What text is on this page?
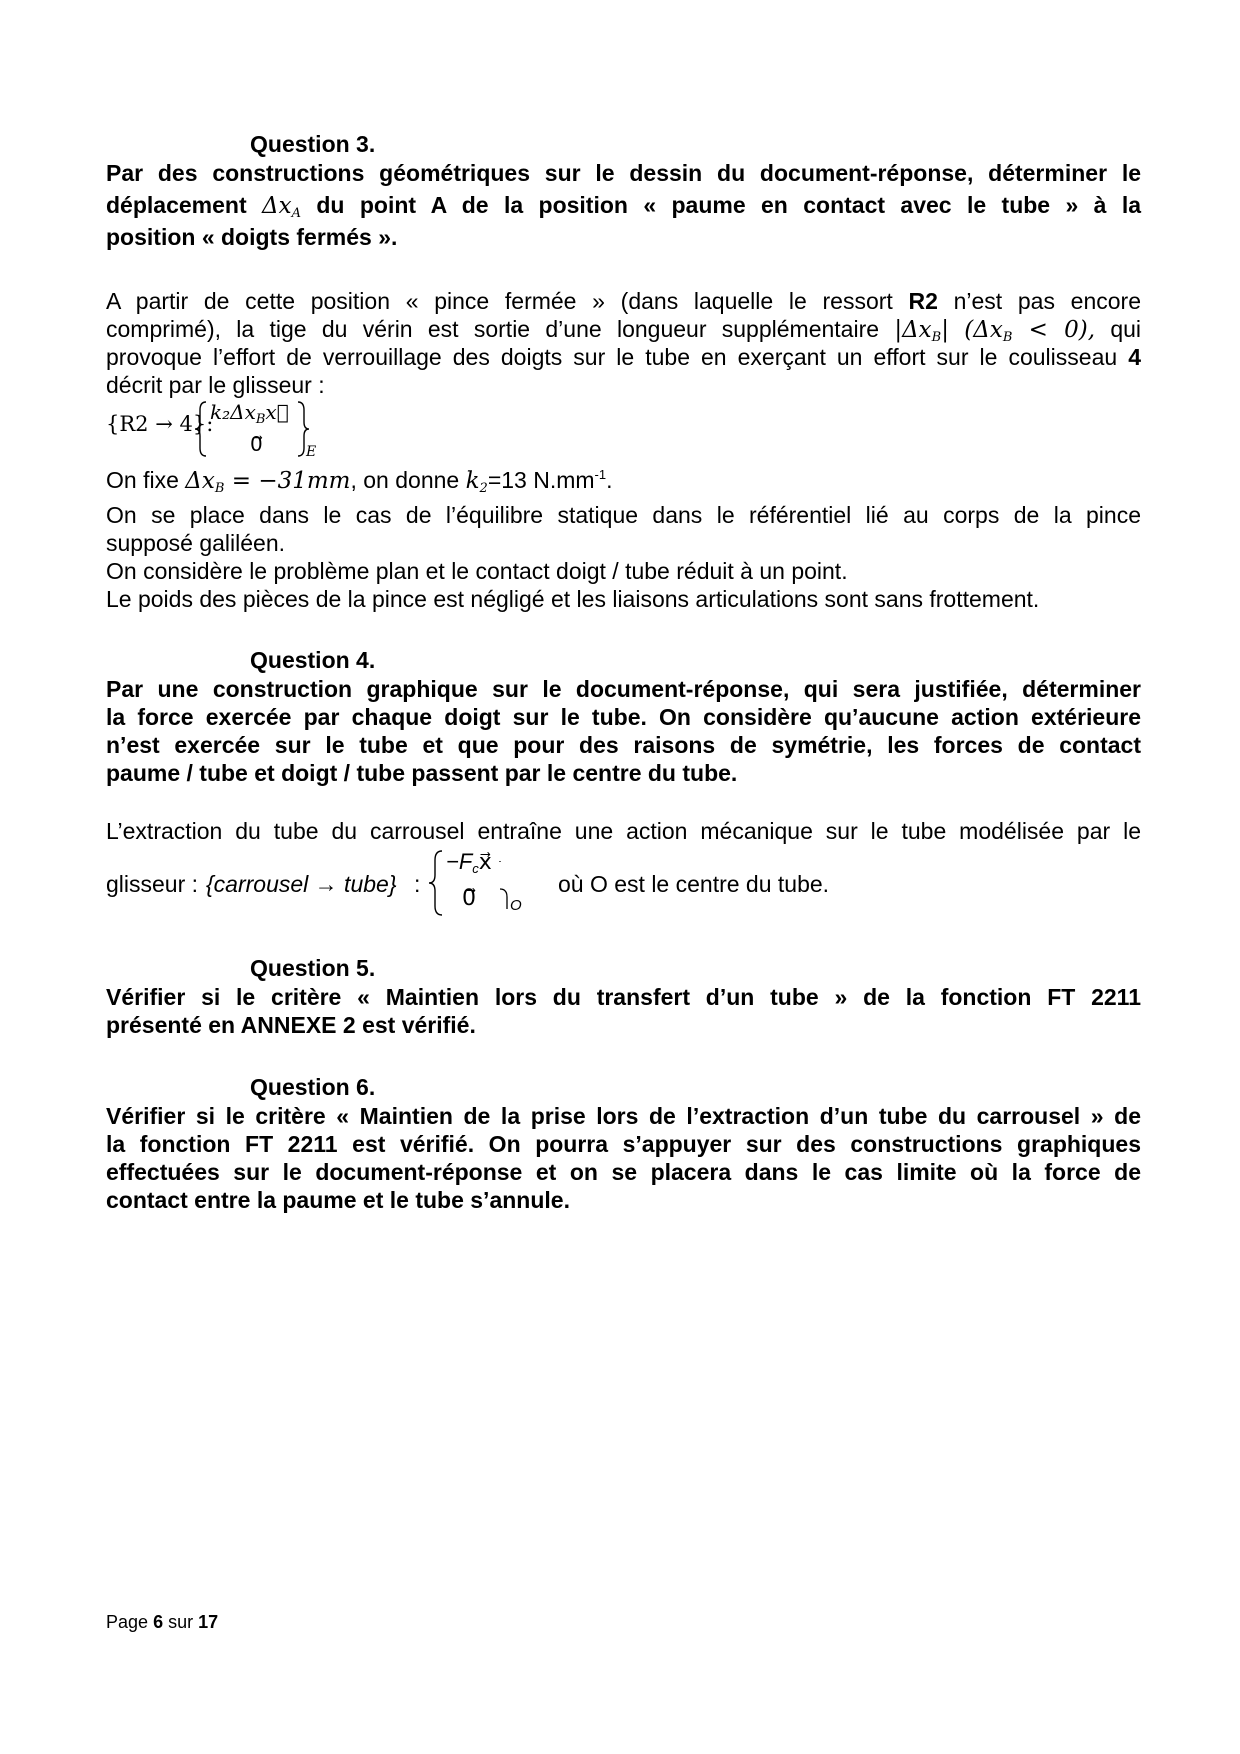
Question 3.
Par des constructions géométriques sur le dessin du document-réponse, déterminer le
déplacement $\Delta x_A$ du point A de la position « paume en contact avec le tube » à la
position « doigts fermés ».
A partir de cette position « pince fermée » (dans laquelle le ressort R2 n’est pas encore
comprimé), la tige du vérin est sortie d’une longueur supplémentaire $|\Delta x_B|$ $(\Delta x_B < 0)$, qui
provoque l’effort de verrouillage des doigts sur le tube en exerçant un effort sur le coulisseau 4
décrit par le glisseur :
{R2 → 4}:
$k_2\Delta x_Bx⃗$
0⃗	E
On fixe $\Delta x_B = -31mm$, on donne $k_2=13$ $N.mm^{-1}$.
On se place dans le cas de l’équilibre statique dans le référentiel lié au corps de la pince
supposé galiléen.
On considère le problème plan et le contact doigt / tube réduit à un point.
Le poids des pièces de la pince est négligé et les liaisons articulations sont sans frottement.
Question 4.
Par une construction graphique sur le document-réponse, qui sera justifiée, déterminer
la force exercée par chaque doigt sur le tube. On considère qu’aucune action extérieure
n’est exercée sur le tube et que pour des raisons de symétrie, les forces de contact
paume / tube et doigt / tube passent par le centre du tube.
L’extraction du tube du carrousel entraîne une action mécanique sur le tube modélisée par le
glisseur : {carrousel → tube} :
$-F_cx⃗$
0⃗ O
où O est le centre du tube.
Question 5.
Vérifier si le critère « Maintien lors du transfert d’un tube » de la fonction FT 2211
présenté en ANNEXE 2 est vérifié.
Question 6.
Vérifier si le critère « Maintien de la prise lors de l’extraction d’un tube du carrousel » de
la fonction FT 2211 est vérifié. On pourra s’appuyer sur des constructions graphiques
effectuées sur le document-réponse et on se placera dans le cas limite où la force de
contact entre la paume et le tube s’annule.
Page 6 sur 17
